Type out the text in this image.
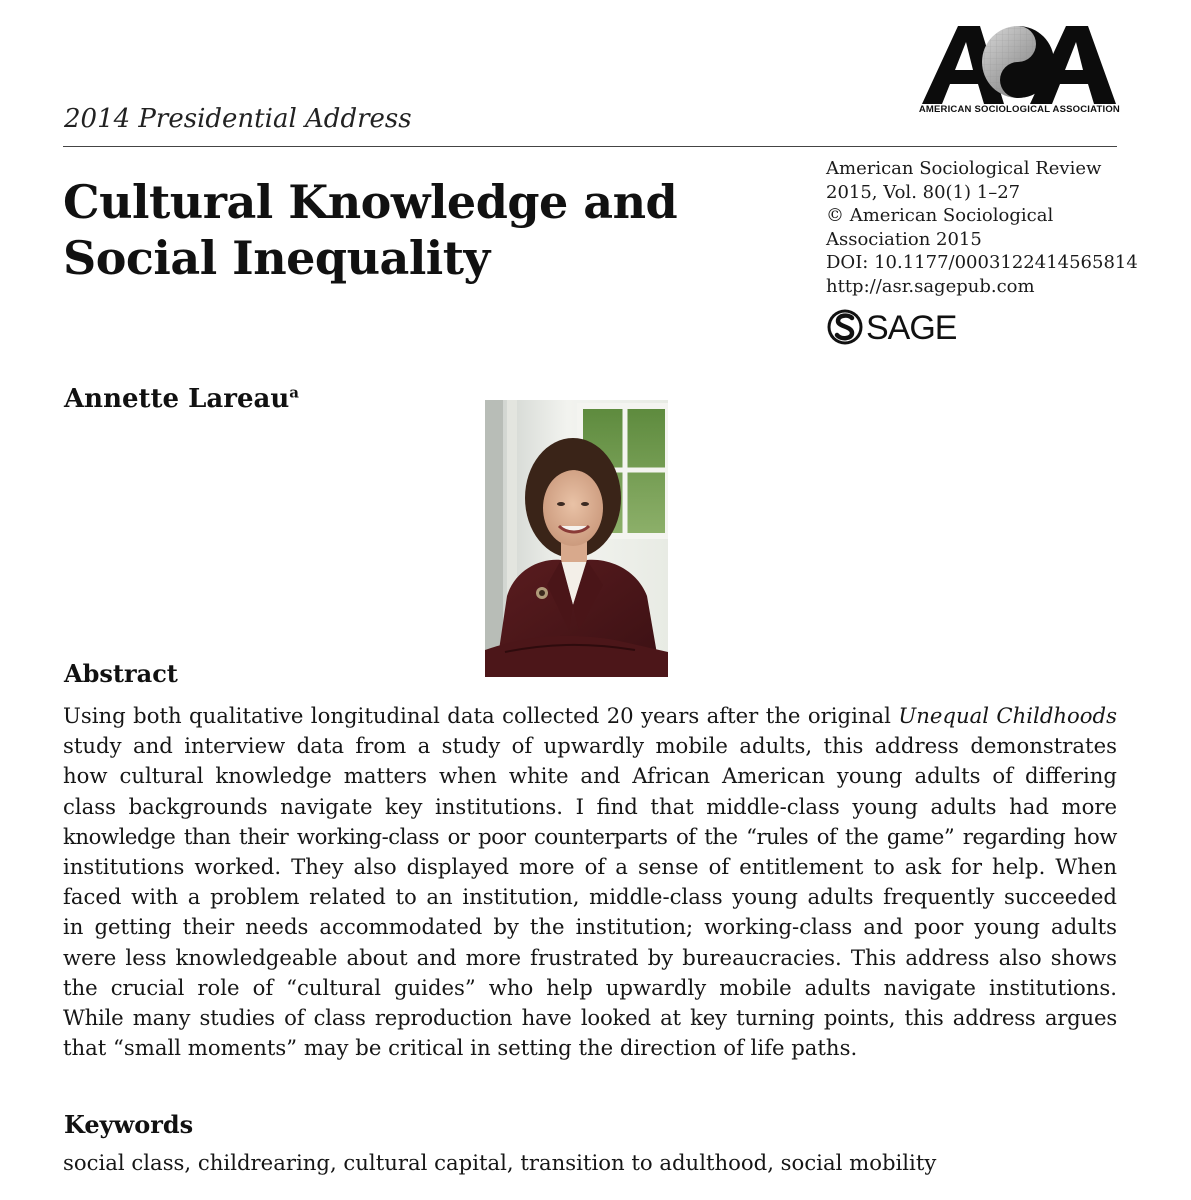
2014 Presidential Address	AMERICAN SOCIOLOGICAL ASSOCIATION
Cultural Knowledge and
Social Inequality
American Sociological Review
2015, Vol. 80(1) 1–27
© American Sociological
Association 2015
DOI: 10.1177/0003122414565814
http://asr.sagepub.com
SAGE
Annette Lareau$^a$
Abstract
Using both qualitative longitudinal data collected 20 years after the original Unequal Childhoods
study and interview data from a study of upwardly mobile adults, this address demonstrates
how cultural knowledge matters when white and African American young adults of differing
class backgrounds navigate key institutions. I find that middle-class young adults had more
knowledge than their working-class or poor counterparts of the “rules of the game” regarding how
institutions worked. They also displayed more of a sense of entitlement to ask for help. When
faced with a problem related to an institution, middle-class young adults frequently succeeded
in getting their needs accommodated by the institution; working-class and poor young adults
were less knowledgeable about and more frustrated by bureaucracies. This address also shows
the crucial role of “cultural guides” who help upwardly mobile adults navigate institutions.
While many studies of class reproduction have looked at key turning points, this address argues
that “small moments” may be critical in setting the direction of life paths.
Keywords
social class, childrearing, cultural capital, transition to adulthood, social mobility
